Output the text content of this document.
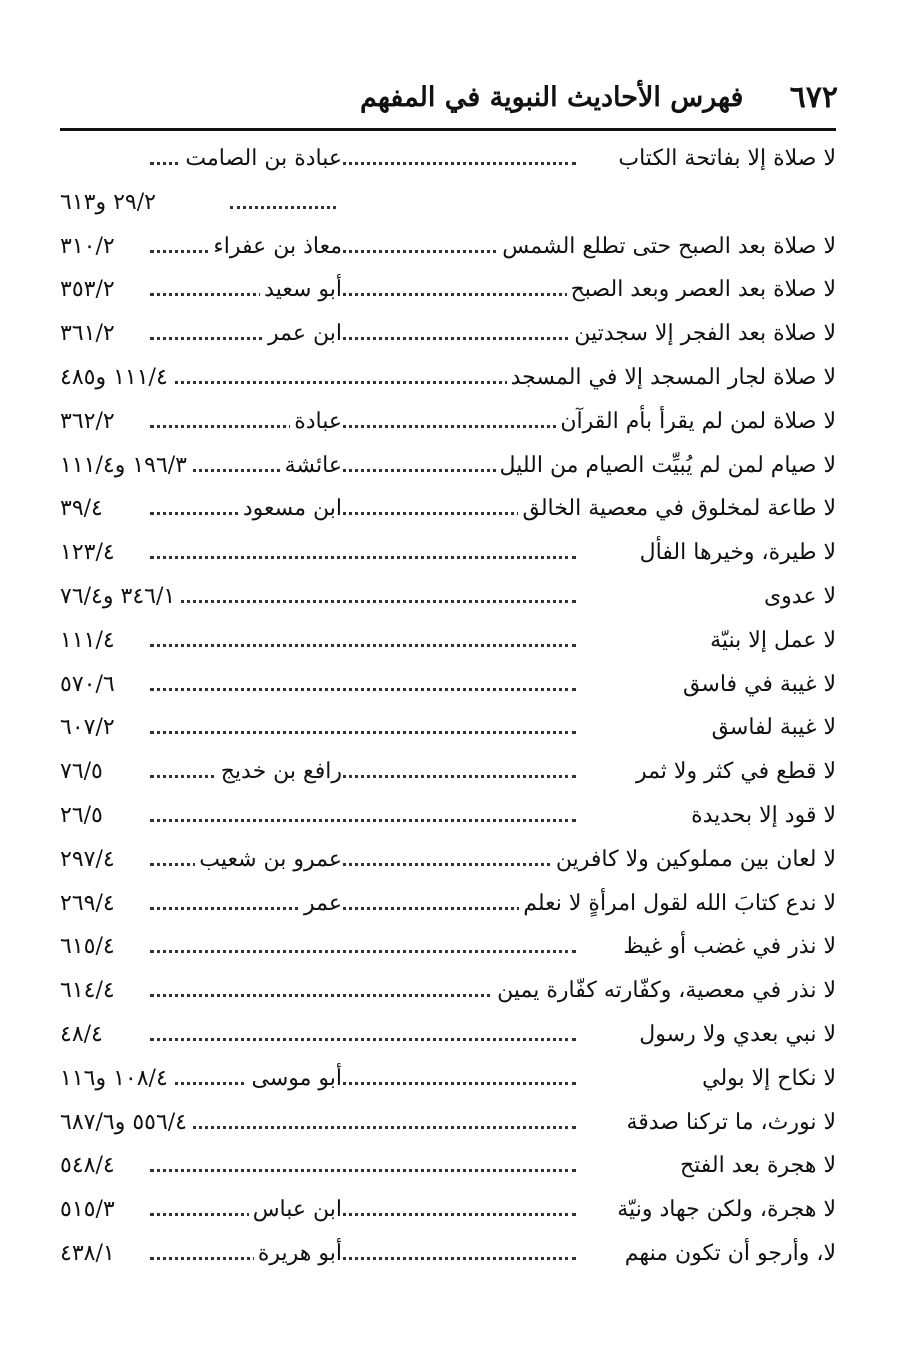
٦٧٢
فهرس الأحاديث النبوية في المفهم
لا صلاة إلا بفاتحة الكتاب
عبادة بن الصامت
٢٩/٢ و٦١٣
لا صلاة بعد الصبح حتى تطلع الشمس
معاذ بن عفراء
٣١٠/٢
لا صلاة بعد العصر وبعد الصبح
أبو سعيد
٣٥٣/٢
لا صلاة بعد الفجر إلا سجدتين
ابن عمر
٣٦١/٢
لا صلاة لجار المسجد إلا في المسجد
١١١/٤ و٤٨٥
لا صلاة لمن لم يقرأ بأم القرآن
عبادة
٣٦٢/٢
لا صيام لمن لم يُبيِّت الصيام من الليل
عائشة
١٩٦/٣ و١١١/٤
لا طاعة لمخلوق في معصية الخالق
ابن مسعود
٣٩/٤
لا طيرة، وخيرها الفأل
١٢٣/٤
لا عدوى
٣٤٦/١ و٧٦/٤
لا عمل إلا بنيّة
١١١/٤
لا غيبة في فاسق
٥٧٠/٦
لا غيبة لفاسق
٦٠٧/٢
لا قطع في كثر ولا ثمر
رافع بن خديج
٧٦/٥
لا قود إلا بحديدة
٢٦/٥
لا لعان بين مملوكين ولا كافرين
عمرو بن شعيب
٢٩٧/٤
لا ندع كتابَ الله لقول امرأةٍ لا نعلم
عمر
٢٦٩/٤
لا نذر في غضب أو غيظ
٦١٥/٤
لا نذر في معصية، وكفّارته كفّارة يمين
٦١٤/٤
لا نبي بعدي ولا رسول
٤٨/٤
لا نكاح إلا بولي
أبو موسى
١٠٨/٤ و١١٦
لا نورث، ما تركنا صدقة
٥٥٦/٤ و٦٨٧/٦
لا هجرة بعد الفتح
٥٤٨/٤
لا هجرة، ولكن جهاد ونيّة
ابن عباس
٥١٥/٣
لا، وأرجو أن تكون منهم
أبو هريرة
٤٣٨/١
